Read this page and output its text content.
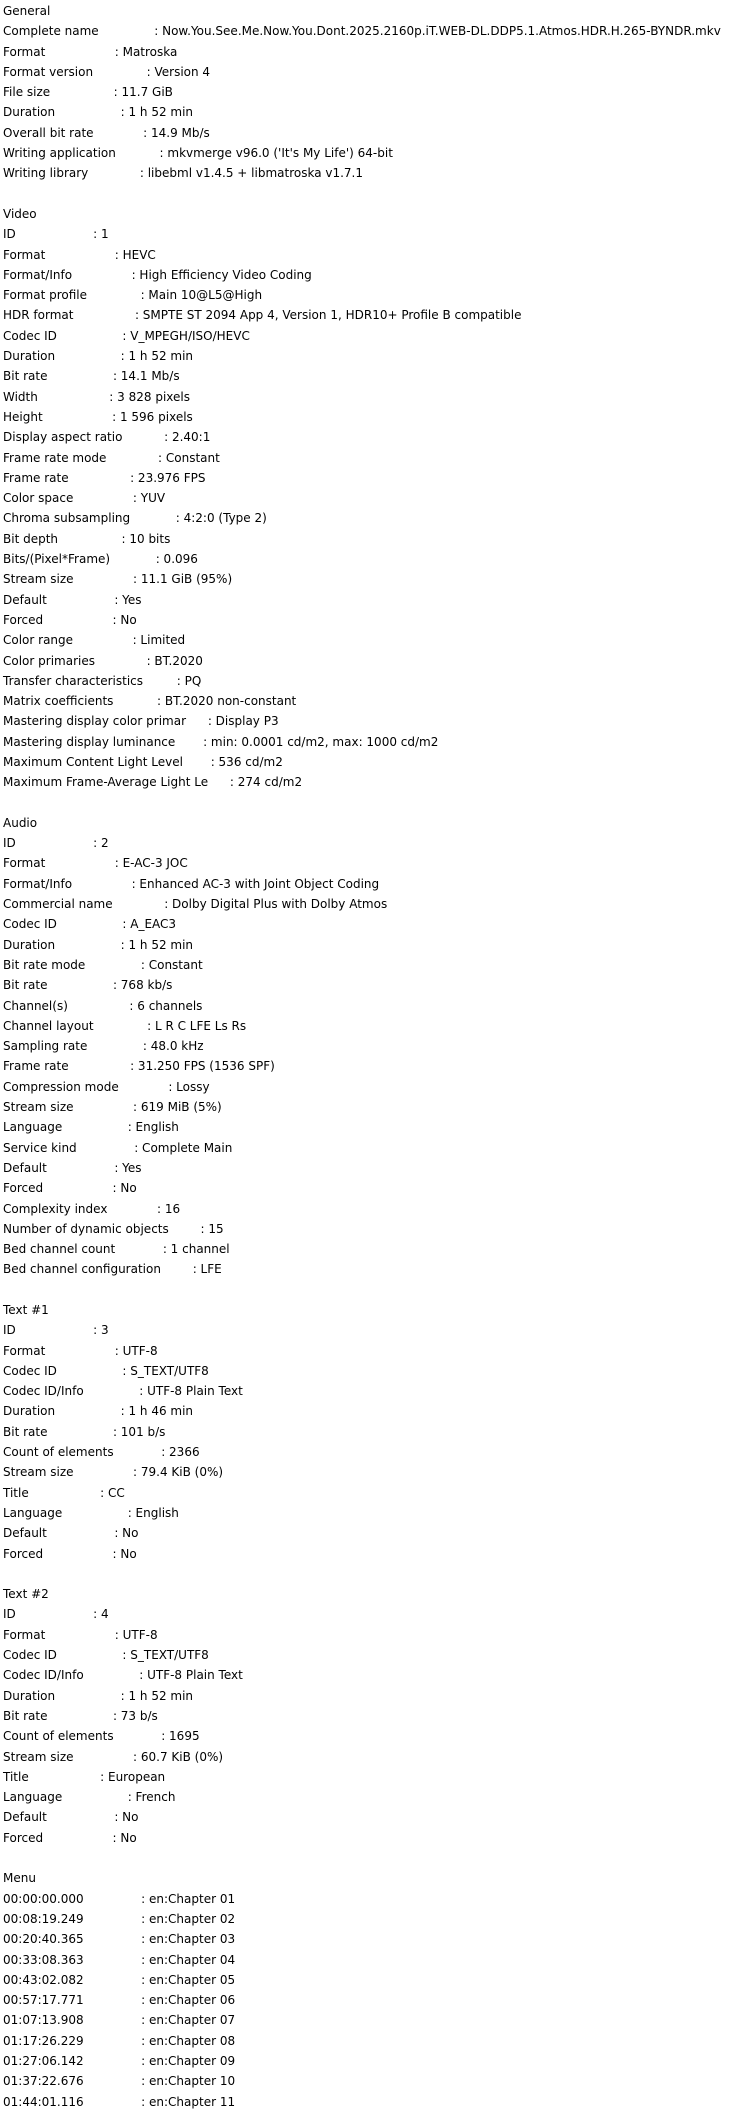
General
Complete name	: Now.You.See.Me.Now.You.Dont.2025.2160p.iT.WEB-DL.DDP5.1.Atmos.HDR.H.265-BYNDR.mkv
Format	: Matroska
Format version	: Version 4
File size	: 11.7 GiB
Duration	: 1 h 52 min
Overall bit rate	: 14.9 Mb/s
Writing application	: mkvmerge v96.0 ('It's My Life') 64-bit
Writing library	: libebml v1.4.5 + libmatroska v1.7.1
Video
ID	: 1
Format	: HEVC
Format/Info	: High Efficiency Video Coding
Format profile	: Main 10@L5@High
HDR format	: SMPTE ST 2094 App 4, Version 1, HDR10+ Profile B compatible
Codec ID	: V_MPEGH/ISO/HEVC
Duration	: 1 h 52 min
Bit rate	: 14.1 Mb/s
Width	: 3 828 pixels
Height	: 1 596 pixels
Display aspect ratio	: 2.40:1
Frame rate mode	: Constant
Frame rate	: 23.976 FPS
Color space	: YUV
Chroma subsampling	: 4:2:0 (Type 2)
Bit depth	: 10 bits
Bits/(Pixel*Frame)	: 0.096
Stream size	: 11.1 GiB (95%)
Default	: Yes
Forced	: No
Color range	: Limited
Color primaries	: BT.2020
Transfer characteristics	: PQ
Matrix coefficients	: BT.2020 non-constant
Mastering display color primar : Display P3
Mastering display luminance : min: 0.0001 cd/m2, max: 1000 cd/m2
Maximum Content Light Level : 536 cd/m2
Maximum Frame-Average Light Le : 274 cd/m2
Audio
ID	: 2
Format	: E-AC-3 JOC
Format/Info	: Enhanced AC-3 with Joint Object Coding
Commercial name	: Dolby Digital Plus with Dolby Atmos
Codec ID	: A_EAC3
Duration	: 1 h 52 min
Bit rate mode	: Constant
Bit rate	: 768 kb/s
Channel(s)	: 6 channels
Channel layout	: L R C LFE Ls Rs
Sampling rate	: 48.0 kHz
Frame rate	: 31.250 FPS (1536 SPF)
Compression mode	: Lossy
Stream size	: 619 MiB (5%)
Language	: English
Service kind	: Complete Main
Default	: Yes
Forced	: No
Complexity index	: 16
Number of dynamic objects	: 15
Bed channel count	: 1 channel
Bed channel configuration	: LFE
Text #1
ID	: 3
Format	: UTF-8
Codec ID	: S_TEXT/UTF8
Codec ID/Info	: UTF-8 Plain Text
Duration	: 1 h 46 min
Bit rate	: 101 b/s
Count of elements	: 2366
Stream size	: 79.4 KiB (0%)
Title	: CC
Language	: English
Default	: No
Forced	: No
Text #2
ID	: 4
Format	: UTF-8
Codec ID	: S_TEXT/UTF8
Codec ID/Info	: UTF-8 Plain Text
Duration	: 1 h 52 min
Bit rate	: 73 b/s
Count of elements	: 1695
Stream size	: 60.7 KiB (0%)
Title	: European
Language	: French
Default	: No
Forced	: No
Menu
00:00:00.000	: en:Chapter 01
00:08:19.249	: en:Chapter 02
00:20:40.365	: en:Chapter 03
00:33:08.363	: en:Chapter 04
00:43:02.082	: en:Chapter 05
00:57:17.771	: en:Chapter 06
01:07:13.908	: en:Chapter 07
01:17:26.229	: en:Chapter 08
01:27:06.142	: en:Chapter 09
01:37:22.676	: en:Chapter 10
01:44:01.116	: en:Chapter 11
